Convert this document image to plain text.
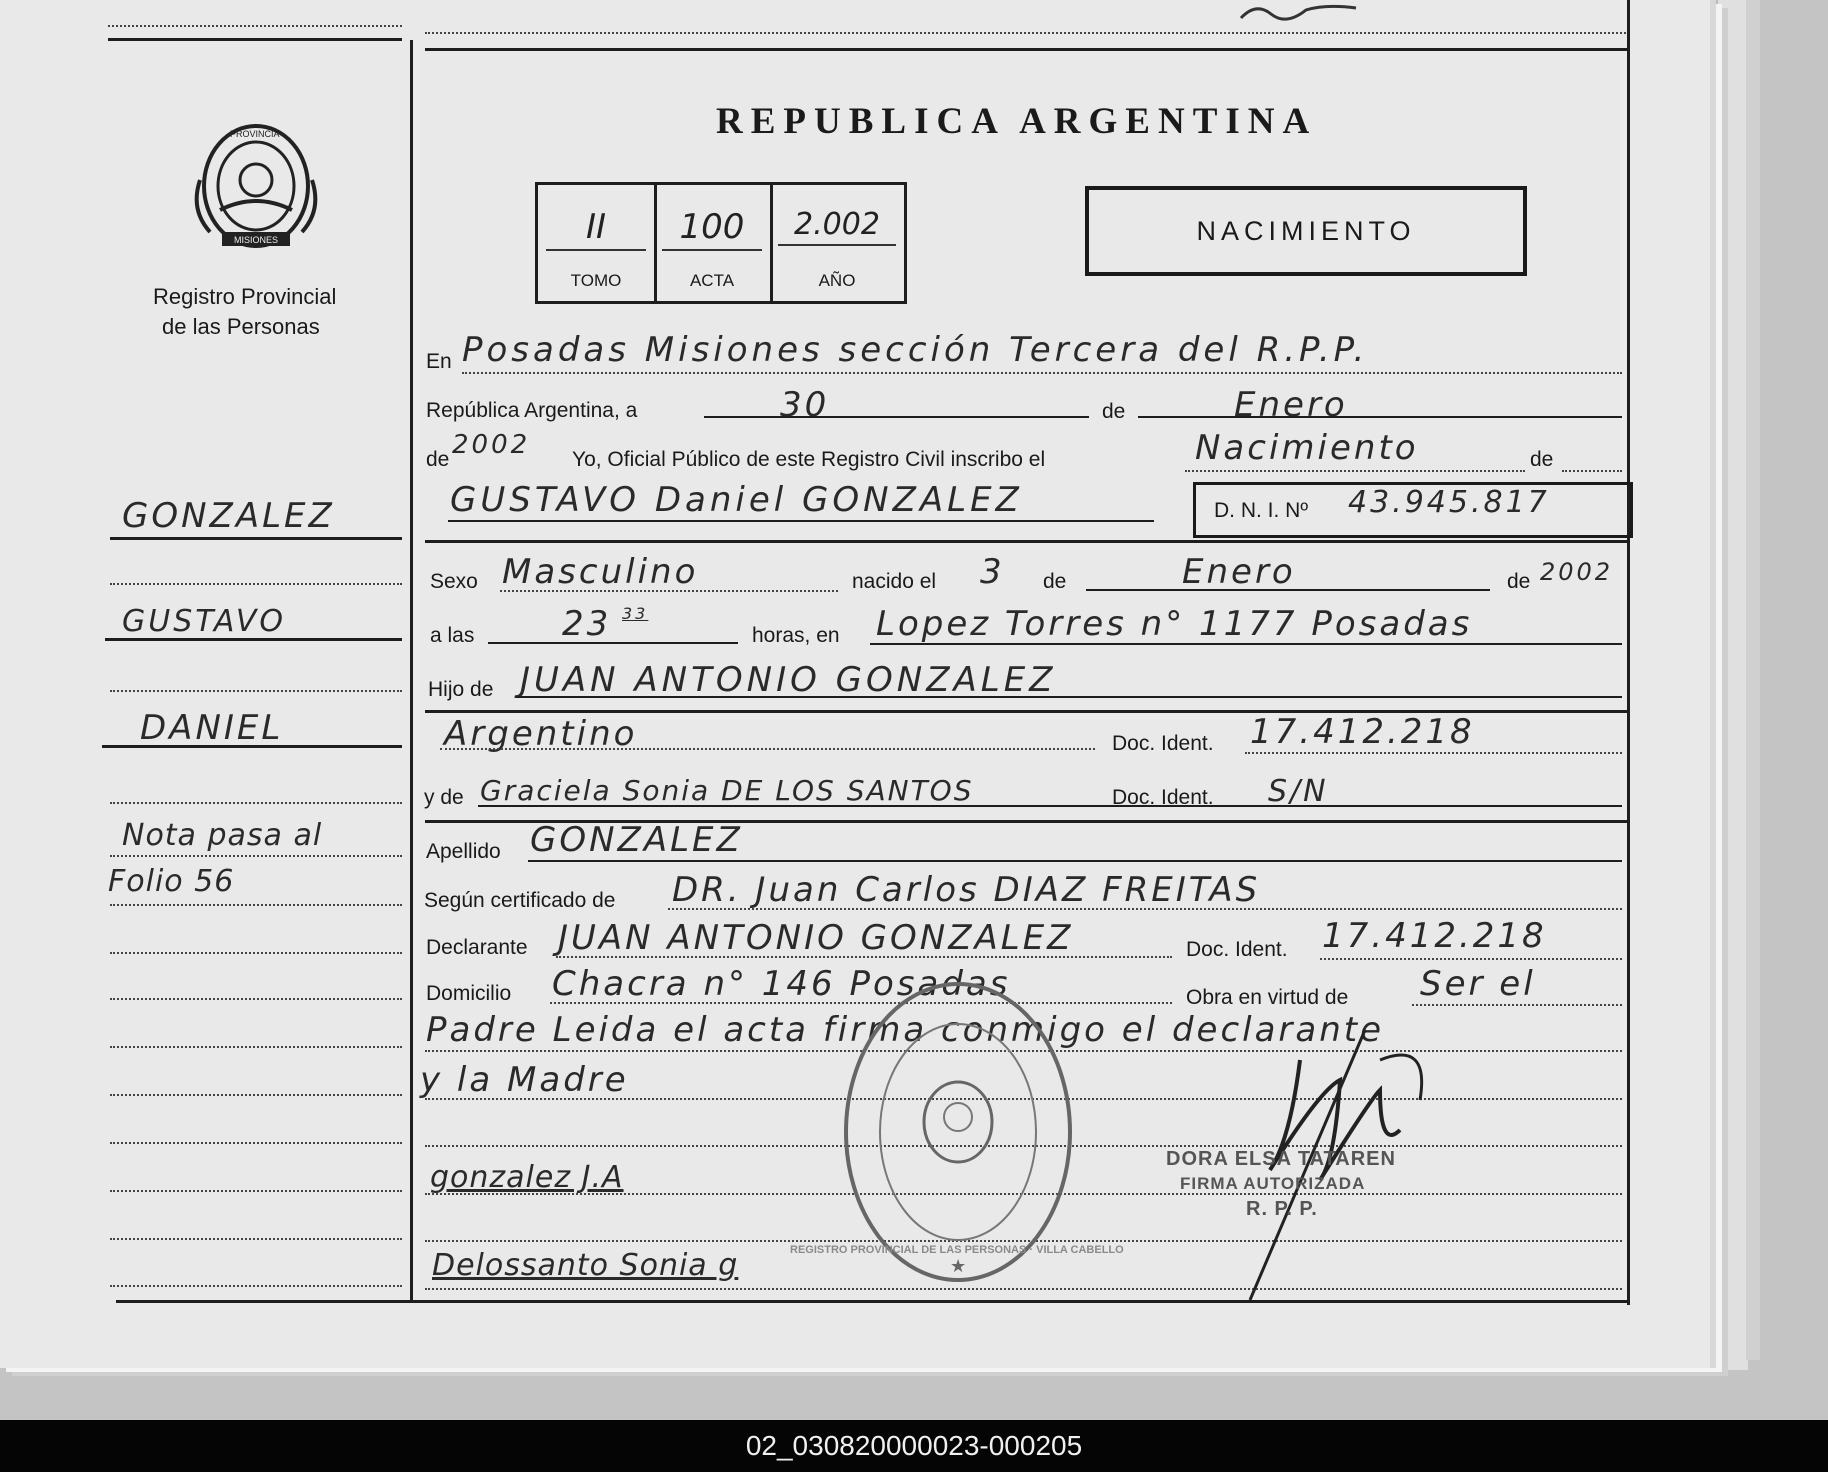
PROVINCIA
MISIONES
Registro Provincial
de las Personas
GONZALEZ
GUSTAVO
DANIEL
Nota pasa al
Folio 56
REPUBLICA ARGENTINA
II
TOMO
100
ACTA
2.002
AÑO
NACIMIENTO
En Posadas Misiones sección Tercera del R.P.P.
República Argentina, a	30	de	Enero
de 2002 Yo, Oficial Público de este Registro Civil inscribo el	Nacimiento	de
GUSTAVO Daniel GONZALEZ	D. N. I. Nº 43.945.817
Sexo Masculino	nacido el 3 de	Enero	de 2002
a las	23 33
horas, en Lopez Torres n° 1177 Posadas
Hijo de JUAN ANTONIO GONZALEZ
Argentino	Doc. Ident. 17.412.218
y de Graciela Sonia DE LOS SANTOS	Doc. Ident. S/N
Apellido GONZALEZ
Según certificado de DR. Juan Carlos DIAZ FREITAS
Declarante JUAN ANTONIO GONZALEZ	Doc. Ident. 17.412.218
Domicilio Chacra n° 146 Posadas	Obra en virtud de Ser el
Padre Leida el acta firma conmigo el declarante
y la Madre
gonzalez J.A
Delossanto Sonia g	★
REGISTRO PROVINCIAL DE LAS PERSONAS · VILLA CABELLO
DORA ELSA TATAREN
FIRMA AUTORIZADA
R. P. P.
02_030820000023-000205
